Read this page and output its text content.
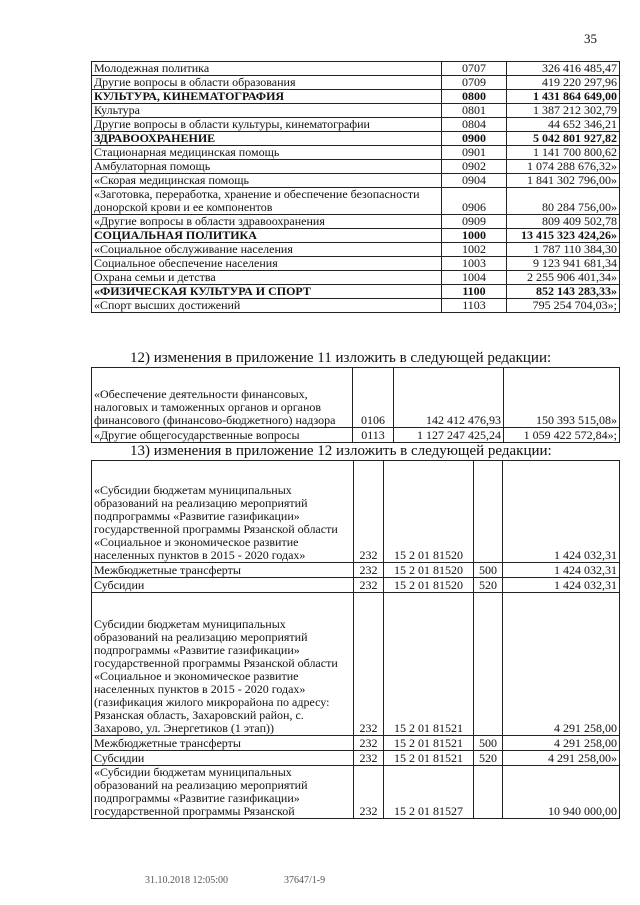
35
Молодежная политика	0707	326 416 485,47
Другие вопросы в области образования	0709	419 220 297,96
КУЛЬТУРА, КИНЕМАТОГРАФИЯ	0800	1 431 864 649,00
Культура	0801	1 387 212 302,79
Другие вопросы в области культуры, кинематографии	0804	44 652 346,21
ЗДРАВООХРАНЕНИЕ	0900	5 042 801 927,82
Стационарная медицинская помощь	0901	1 141 700 800,62
Амбулаторная помощь	0902	1 074 288 676,32»
«Скорая медицинская помощь	0904	1 841 302 796,00»
«Заготовка, переработка, хранение и обеспечение безопасности донорской крови и ее компонентов	0906	80 284 756,00»
«Другие вопросы в области здравоохранения	0909	809 409 502,78
СОЦИАЛЬНАЯ ПОЛИТИКА	1000	13 415 323 424,26»
«Социальное обслуживание населения	1002	1 787 110 384,30
Социальное обеспечение населения	1003	9 123 941 681,34
Охрана семьи и детства	1004	2 255 906 401,34»
«ФИЗИЧЕСКАЯ КУЛЬТУРА И СПОРТ	1100	852 143 283,33»
«Спорт высших достижений	1103	795 254 704,03»;
12) изменения в приложение 11 изложить в следующей редакции:
«Обеспечение деятельности финансовых, налоговых и таможенных органов и органов финансового (финансово-бюджетного) надзора	0106	142 412 476,93	150 393 515,08»
«Другие общегосударственные вопросы	0113	1 127 247 425,24	1 059 422 572,84»;
13) изменения в приложение 12 изложить в следующей редакции:
«Субсидии бюджетам муниципальных образований на реализацию мероприятий подпрограммы «Развитие газификации» государственной программы Рязанской области «Социальное и экономическое развитие населенных пунктов в 2015 - 2020 годах»	232	15 2 01 81520		1 424 032,31
Межбюджетные трансферты	232	15 2 01 81520	500	1 424 032,31
Субсидии	232	15 2 01 81520	520	1 424 032,31
Субсидии бюджетам муниципальных образований на реализацию мероприятий подпрограммы «Развитие газификации» государственной программы Рязанской области «Социальное и экономическое развитие населенных пунктов в 2015 - 2020 годах» (газификация жилого микрорайона по адресу: Рязанская область, Захаровский район, с. Захарово, ул. Энергетиков (1 этап))	232	15 2 01 81521		4 291 258,00
Межбюджетные трансферты	232	15 2 01 81521	500	4 291 258,00
Субсидии	232	15 2 01 81521	520	4 291 258,00»
«Субсидии бюджетам муниципальных образований на реализацию мероприятий подпрограммы «Развитие газификации» государственной программы Рязанской	232	15 2 01 81527		10 940 000,00
31.10.2018 12:05:00	37647/1-9
